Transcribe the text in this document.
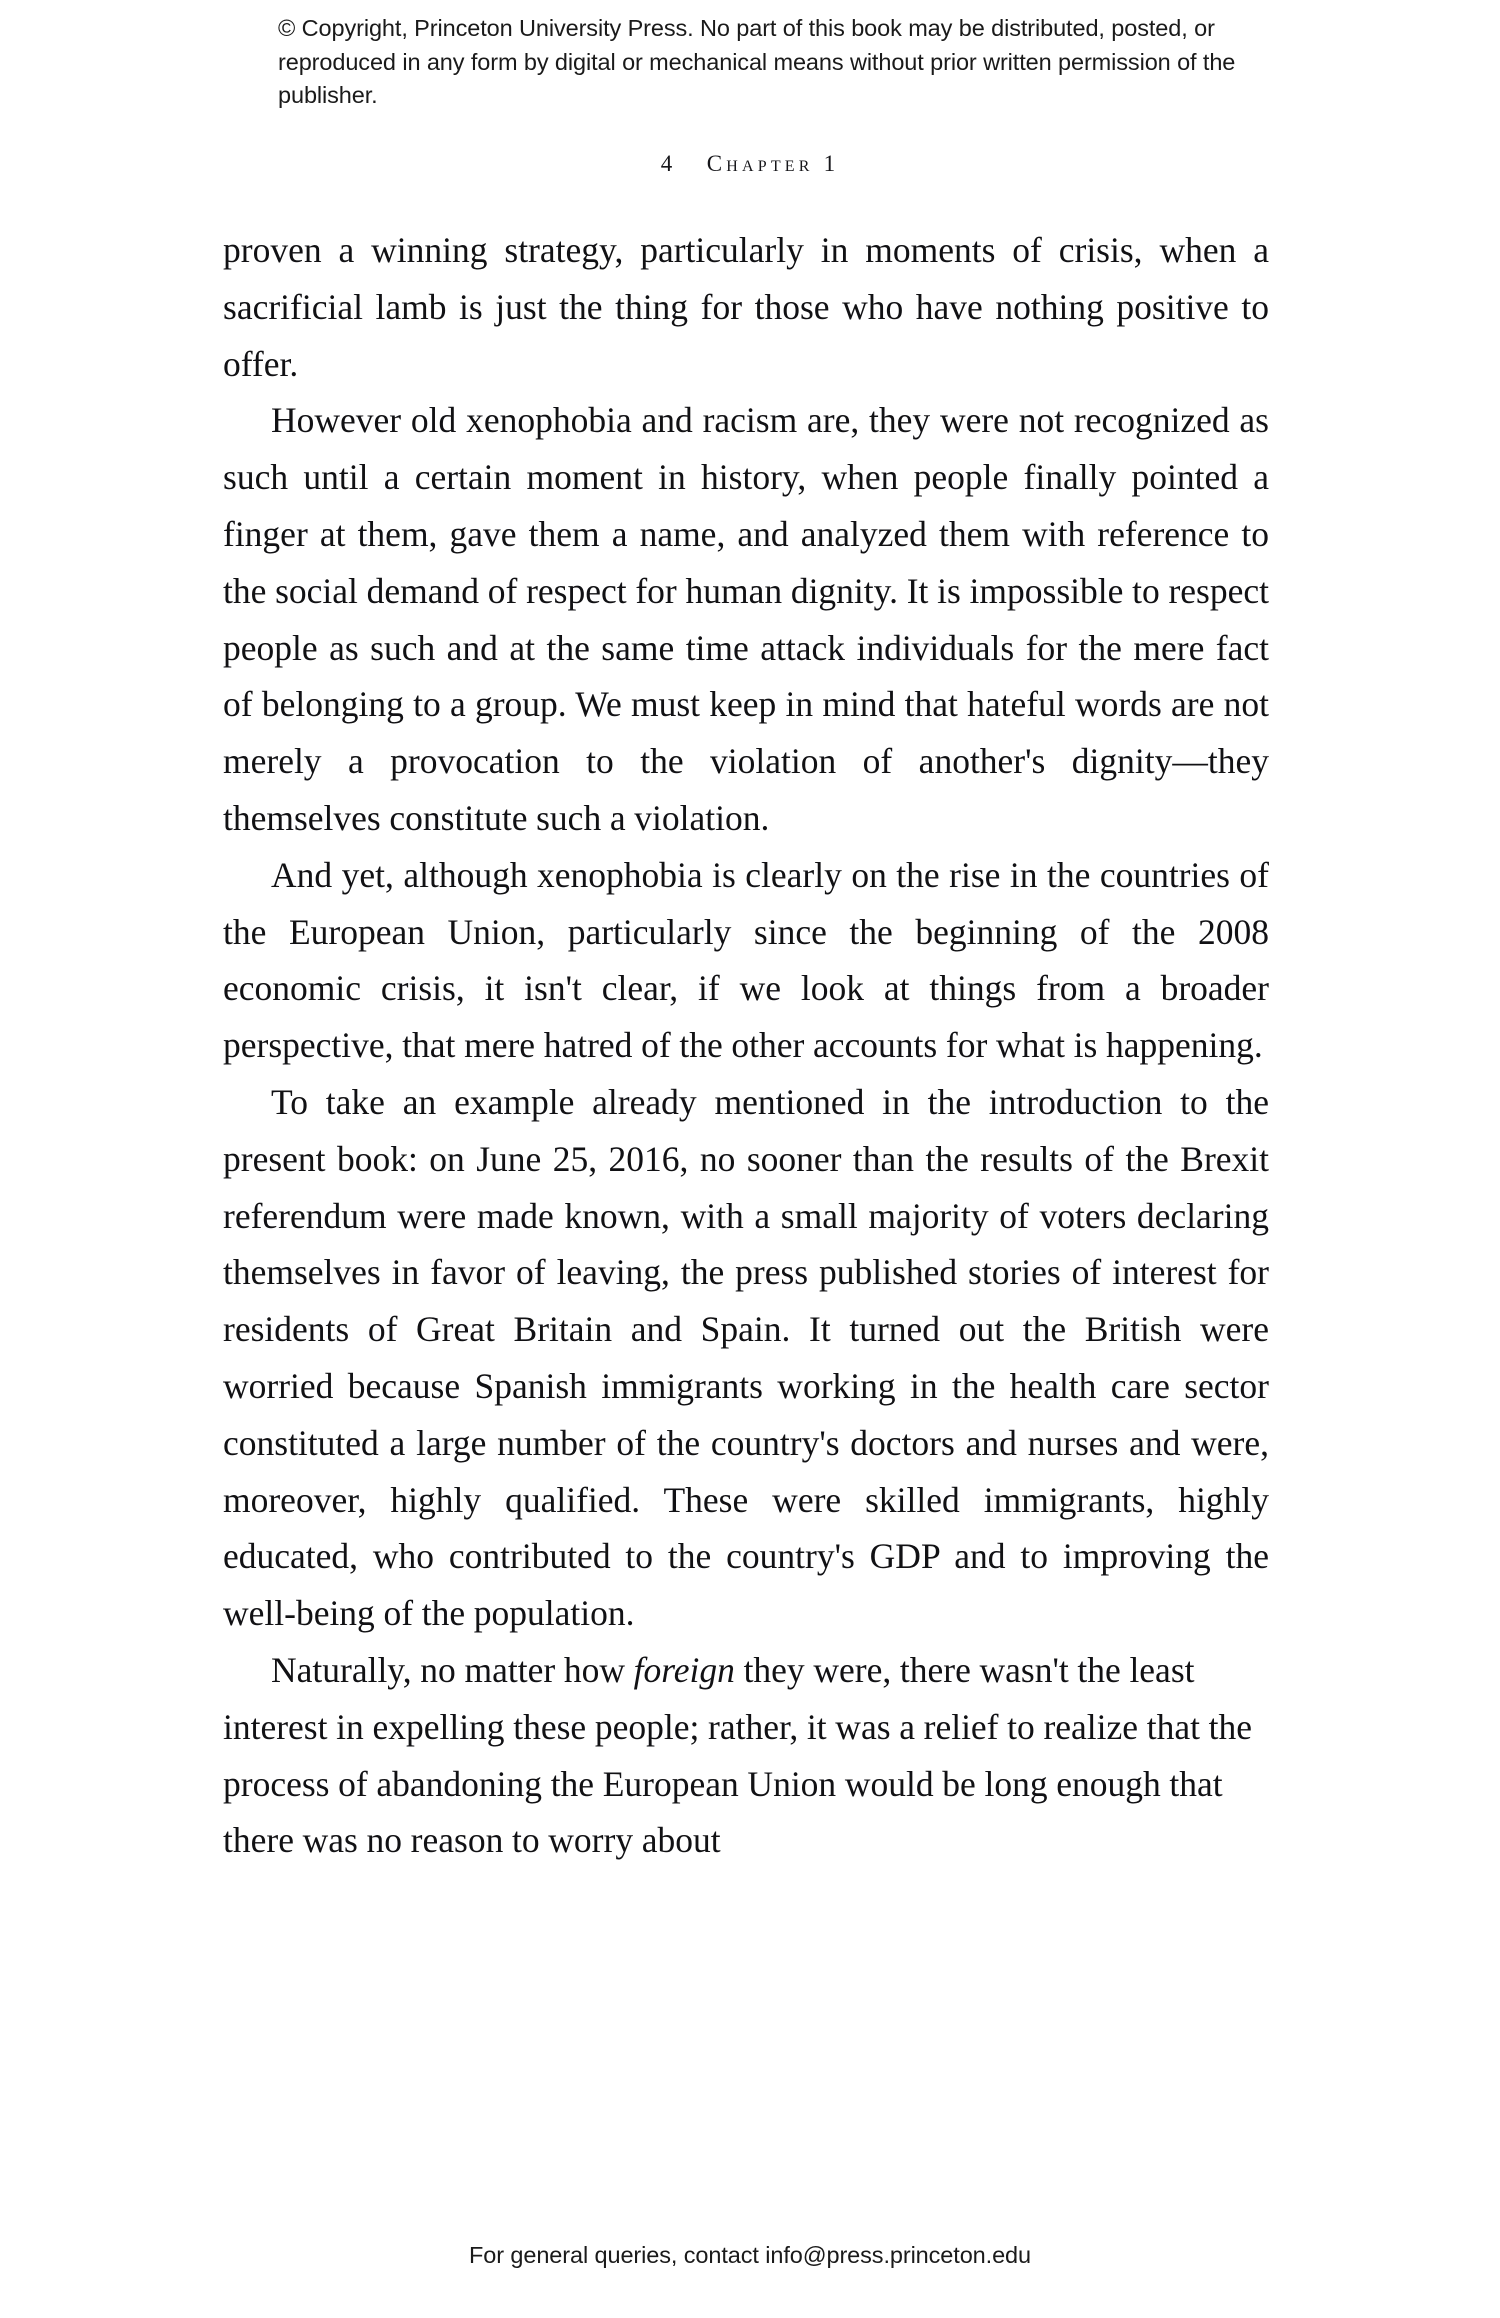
© Copyright, Princeton University Press. No part of this book may be distributed, posted, or reproduced in any form by digital or mechanical means without prior written permission of the publisher.
4 Chapter 1

proven a winning strategy, particularly in moments of crisis, when a sacrificial lamb is just the thing for those who have nothing positive to offer.

However old xenophobia and racism are, they were not recognized as such until a certain moment in history, when people finally pointed a finger at them, gave them a name, and analyzed them with reference to the social demand of respect for human dignity. It is impossible to respect people as such and at the same time attack individuals for the mere fact of belonging to a group. We must keep in mind that hateful words are not merely a provocation to the violation of another's dignity—they themselves constitute such a violation.

And yet, although xenophobia is clearly on the rise in the countries of the European Union, particularly since the beginning of the 2008 economic crisis, it isn't clear, if we look at things from a broader perspective, that mere hatred of the other accounts for what is happening.

To take an example already mentioned in the introduction to the present book: on June 25, 2016, no sooner than the results of the Brexit referendum were made known, with a small majority of voters declaring themselves in favor of leaving, the press published stories of interest for residents of Great Britain and Spain. It turned out the British were worried because Spanish immigrants working in the health care sector constituted a large number of the country's doctors and nurses and were, moreover, highly qualified. These were skilled immigrants, highly educated, who contributed to the country's GDP and to improving the well-being of the population.

Naturally, no matter how foreign they were, there wasn't the least interest in expelling these people; rather, it was a relief to realize that the process of abandoning the European Union would be long enough that there was no reason to worry about

For general queries, contact info@press.princeton.edu
